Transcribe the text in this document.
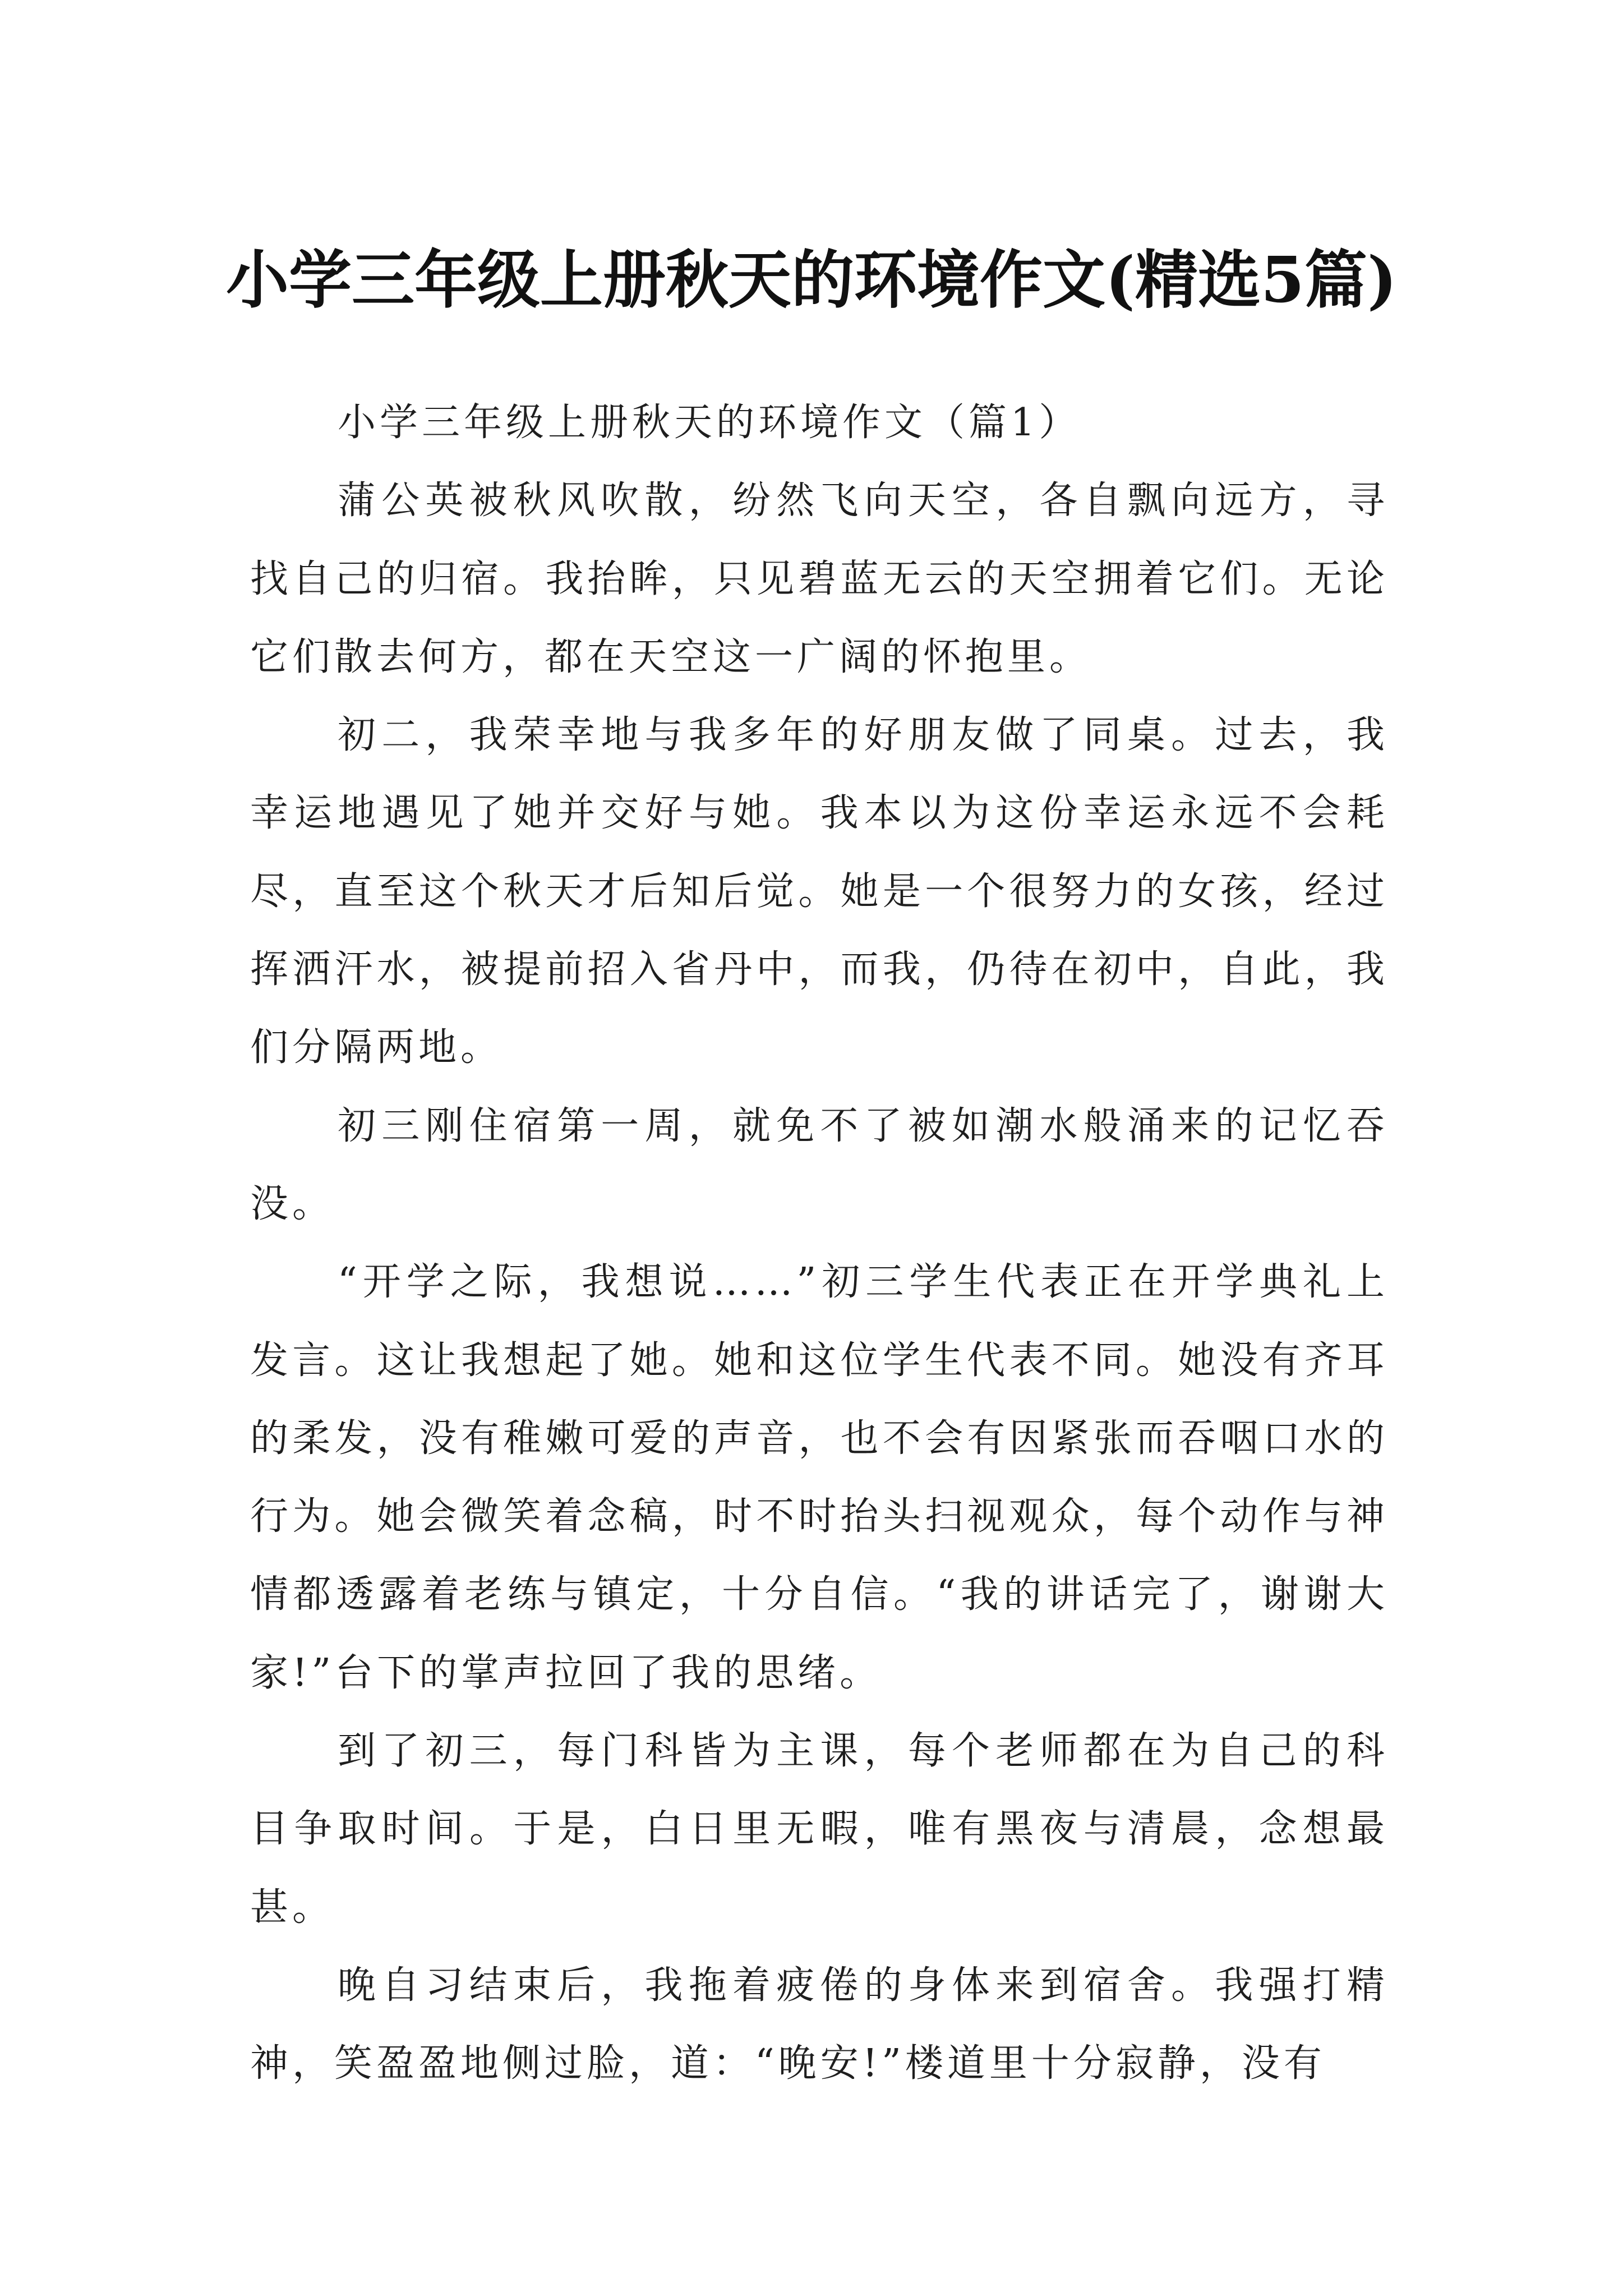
小学三年级上册秋天的环境作文(精选5篇)

小学三年级上册秋天的环境作文（篇1）

蒲公英被秋风吹散，纷然飞向天空，各自飘向远方，寻找自己的归宿。我抬眸，只见碧蓝无云的天空拥着它们。无论它们散去何方，都在天空这一广阔的怀抱里。

初二，我荣幸地与我多年的好朋友做了同桌。过去，我幸运地遇见了她并交好与她。我本以为这份幸运永远不会耗尽，直至这个秋天才后知后觉。她是一个很努力的女孩，经过挥洒汗水，被提前招入省丹中，而我，仍待在初中，自此，我们分隔两地。

初三刚住宿第一周，就免不了被如潮水般涌来的记忆吞没。

“开学之际，我想说……”初三学生代表正在开学典礼上发言。这让我想起了她。她和这位学生代表不同。她没有齐耳的柔发，没有稚嫩可爱的声音，也不会有因紧张而吞咽口水的行为。她会微笑着念稿，时不时抬头扫视观众，每个动作与神情都透露着老练与镇定，十分自信。“我的讲话完了，谢谢大家!”台下的掌声拉回了我的思绪。

到了初三，每门科皆为主课，每个老师都在为自己的科目争取时间。于是，白日里无暇，唯有黑夜与清晨，念想最甚。

晚自习结束后，我拖着疲倦的身体来到宿舍。我强打精神，笑盈盈地侧过脸，道：“晚安!”楼道里十分寂静，没有
